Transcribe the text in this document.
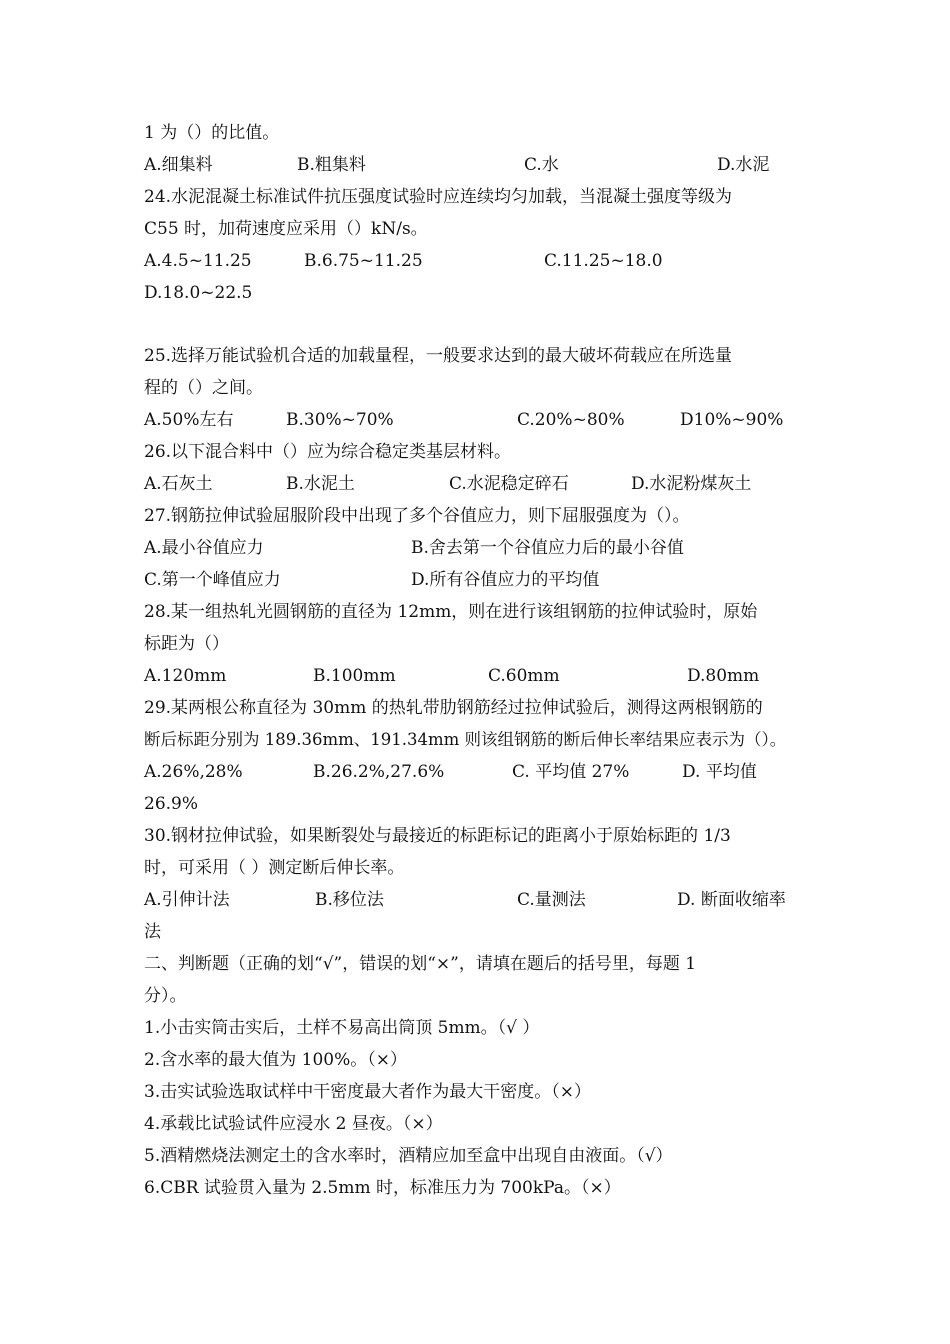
1 为（）的比值。
A.细集料	B.粗集料	C.水	D.水泥
24.水泥混凝土标准试件抗压强度试验时应连续均匀加载，当混凝土强度等级为
C55 时，加荷速度应采用（）kN/s。
A.4.5~11.25	B.6.75~11.25	C.11.25~18.0
D.18.0~22.5
25.选择万能试验机合适的加载量程，一般要求达到的最大破坏荷载应在所选量
程的（）之间。
A.50%左右	B.30%~70%	C.20%~80%	D10%~90%
26.以下混合料中（）应为综合稳定类基层材料。
A.石灰土	B.水泥土	C.水泥稳定碎石	D.水泥粉煤灰土
27.钢筋拉伸试验屈服阶段中出现了多个谷值应力，则下屈服强度为（）。
A.最小谷值应力	B.舍去第一个谷值应力后的最小谷值
C.第一个峰值应力	D.所有谷值应力的平均值
28.某一组热轧光圆钢筋的直径为 12mm，则在进行该组钢筋的拉伸试验时，原始
标距为（）
A.120mm	B.100mm	C.60mm	D.80mm
29.某两根公称直径为 30mm 的热轧带肋钢筋经过拉伸试验后，测得这两根钢筋的
断后标距分别为 189.36mm、191.34mm 则该组钢筋的断后伸长率结果应表示为（）。
A.26%,28%	B.26.2%,27.6%	C. 平均值 27%	D. 平均值
26.9%
30.钢材拉伸试验，如果断裂处与最接近的标距标记的距离小于原始标距的 1/3
时，可采用（ ）测定断后伸长率。
A.引伸计法	B.移位法	C.量测法	D. 断面收缩率
法
二、判断题（正确的划“√”，错误的划“×”，请填在题后的括号里，每题 1
分）。
1.小击实筒击实后，土样不易高出筒顶 5mm。（√ ）
2.含水率的最大值为 100%。（×）
3.击实试验选取试样中干密度最大者作为最大干密度。（×）
4.承载比试验试件应浸水 2 昼夜。（×）
5.酒精燃烧法测定土的含水率时，酒精应加至盒中出现自由液面。（√）
6.CBR 试验贯入量为 2.5mm 时，标准压力为 700kPa。（×）
